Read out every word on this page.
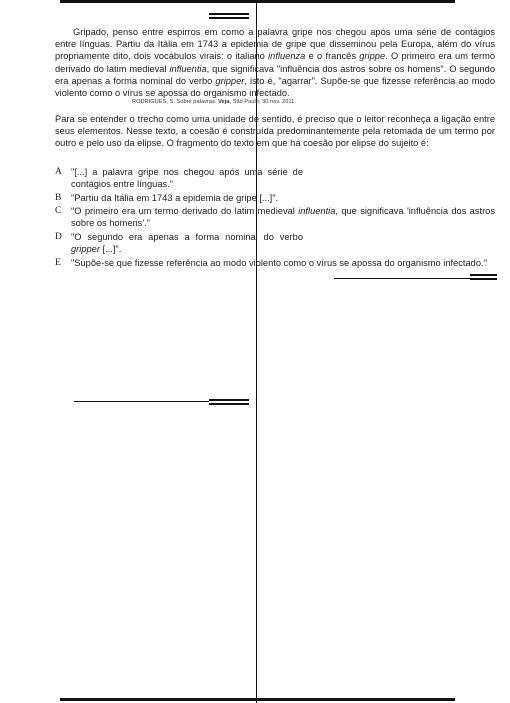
Gripado, penso entre espirros em como a palavra gripe nos chegou após uma série de contágios entre línguas. Partiu da Itália em 1743 a epidemia de gripe que disseminou pela Europa, além do vírus propriamente dito, dois vocábulos virais: o italiano influenza e o francês grippe. O primeiro era um termo derivado do latim medieval influentia, que significava "influência dos astros sobre os homens". O segundo era apenas a forma nominal do verbo gripper, isto é, "agarrar". Supõe-se que fizesse referência ao modo violento como o vírus se apossa do organismo infectado.
RODRIGUES, S. Sobre palavras. Veja, São Paulo, 30 nov. 2011.

Para se entender o trecho como uma unidade de sentido, é preciso que o leitor reconheça a ligação entre seus elementos. Nesse texto, a coesão é construída predominantemente pela retomada de um termo por outro e pelo uso da elipse. O fragmento do texto em que há coesão por elipse do sujeito é:

A "[...] a palavra gripe nos chegou após uma série de contágios entre línguas."
B	"Partiu da Itália em 1743 a epidemia de gripe [...]".
C	"O primeiro era um termo derivado do latim medieval influentia, que significava 'influência dos astros sobre os homens'."
D "O segundo era apenas a forma nominal do verbo gripper [...]".
E	"Supõe-se que fizesse referência ao modo violento como o vírus se apossa do organismo infectado."
